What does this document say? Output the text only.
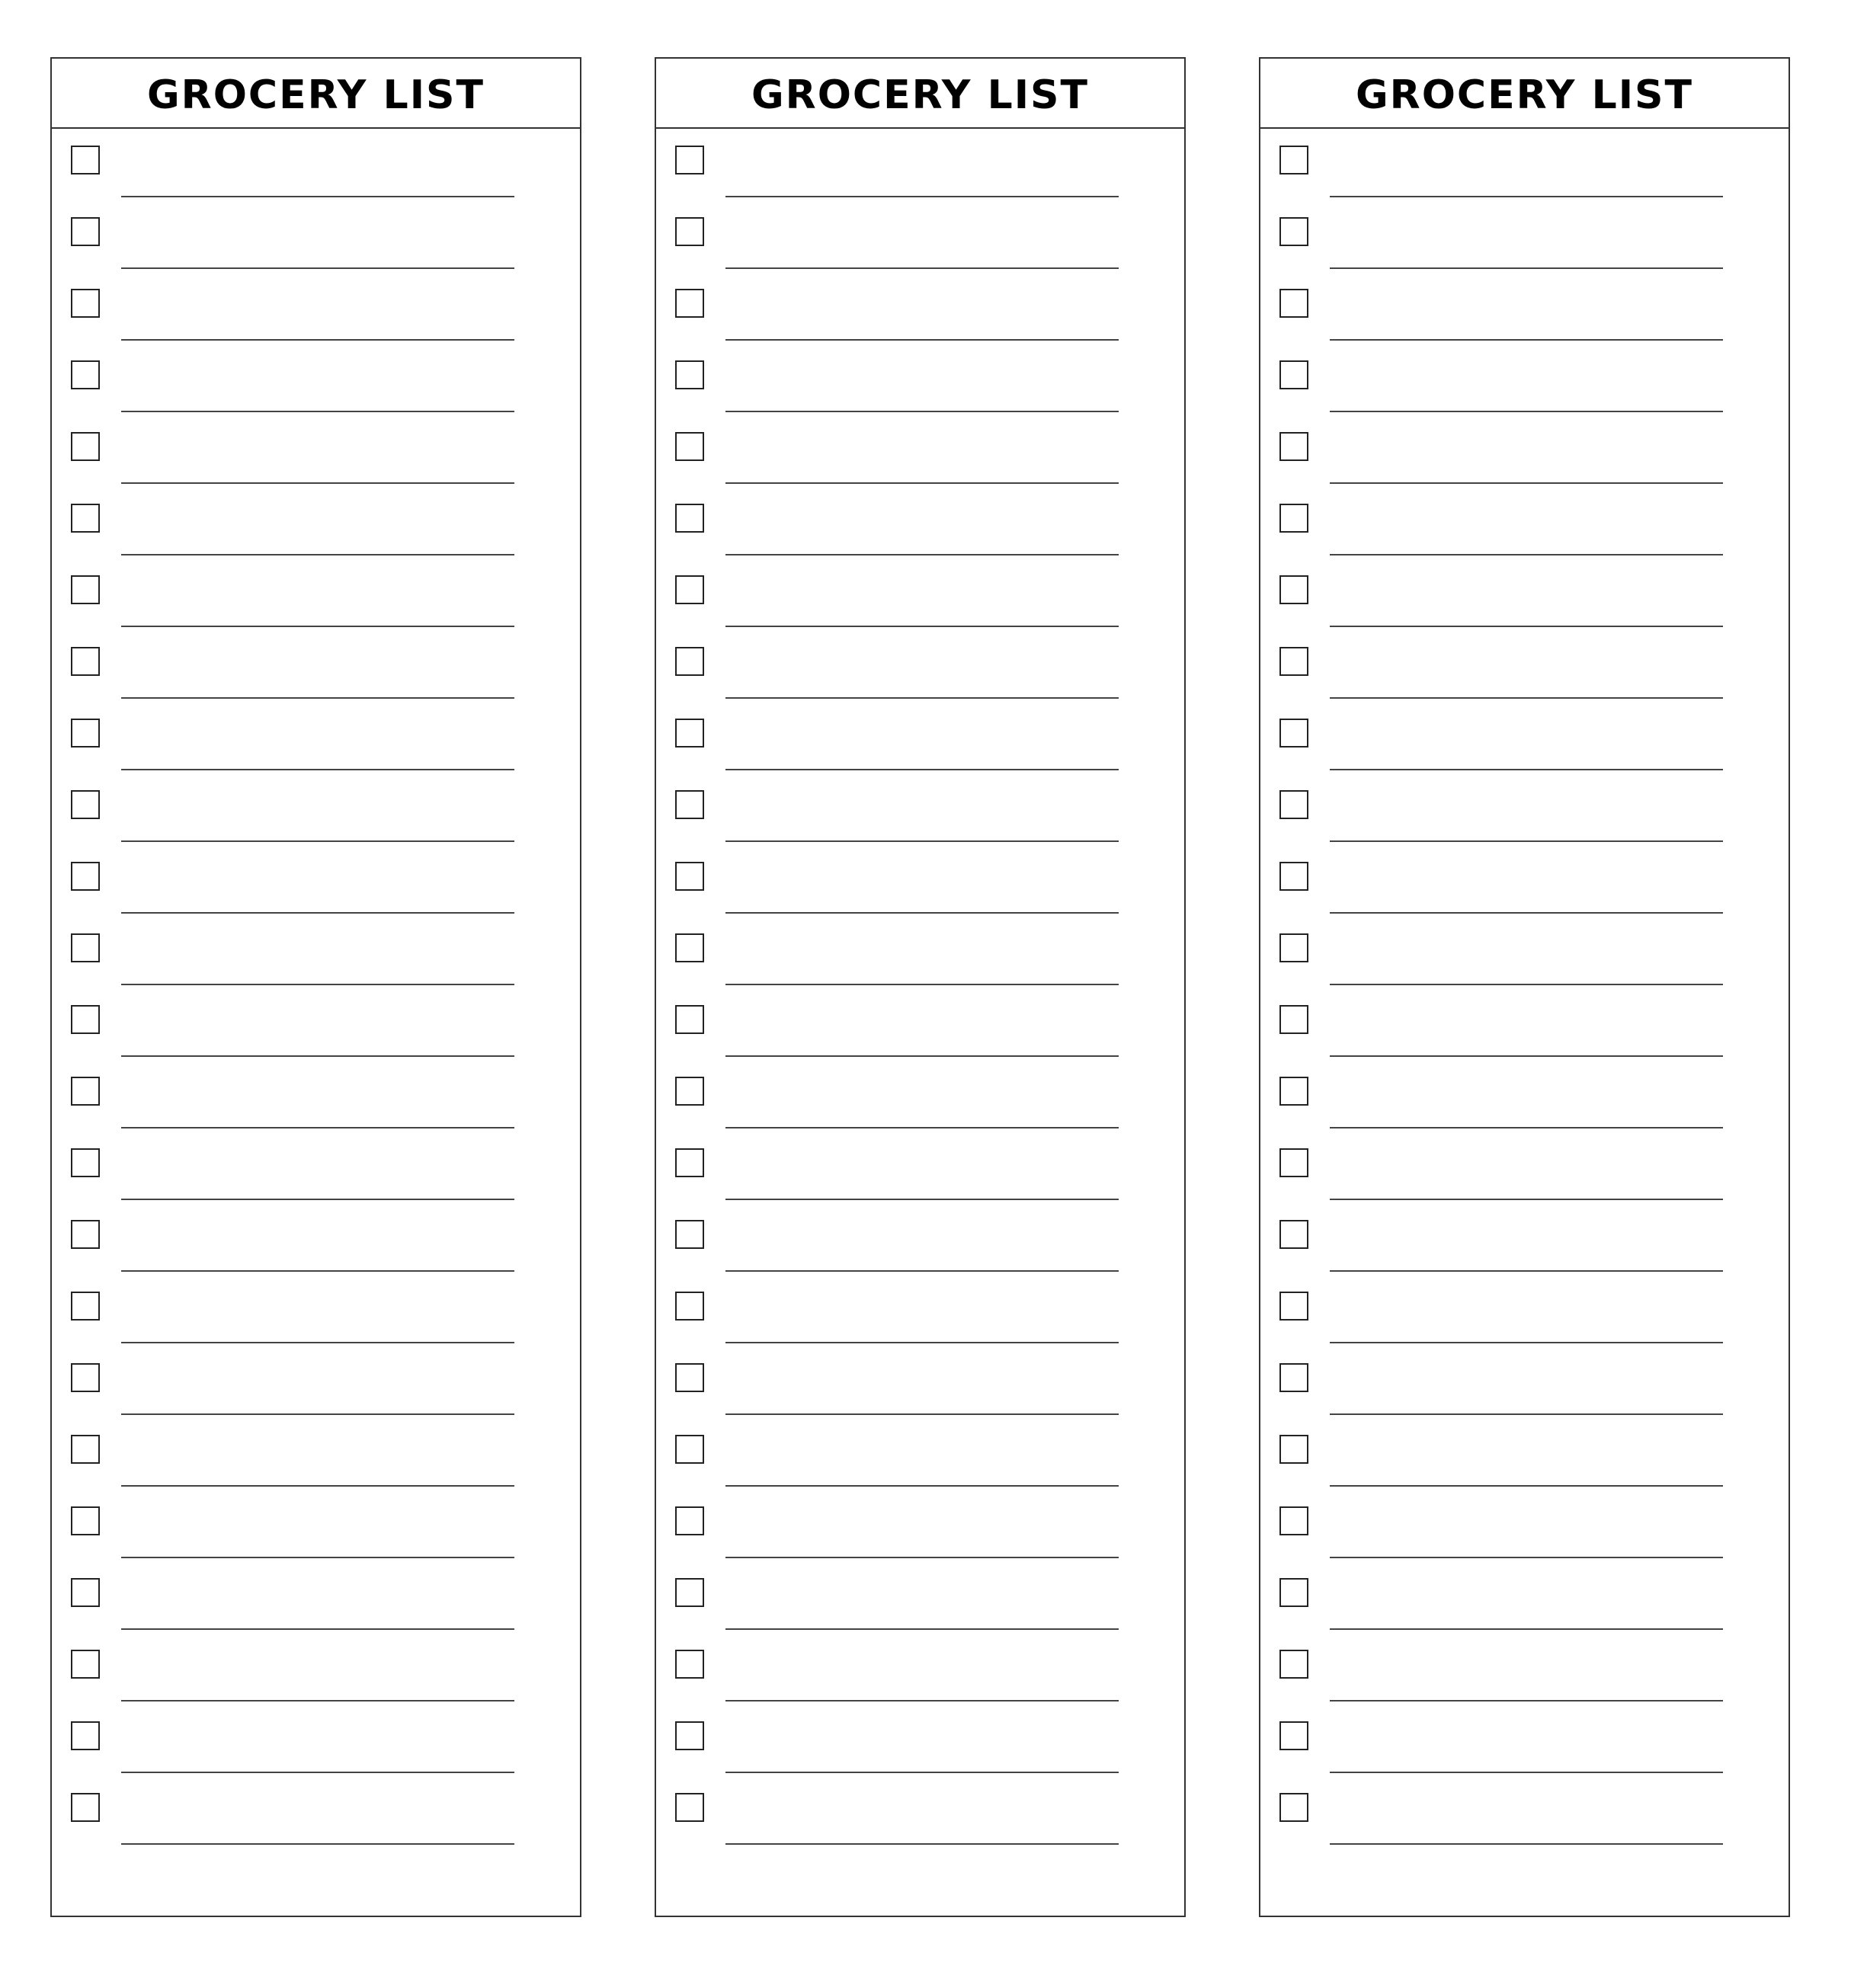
GROCERY LIST	GROCERY LIST	GROCERY LIST
